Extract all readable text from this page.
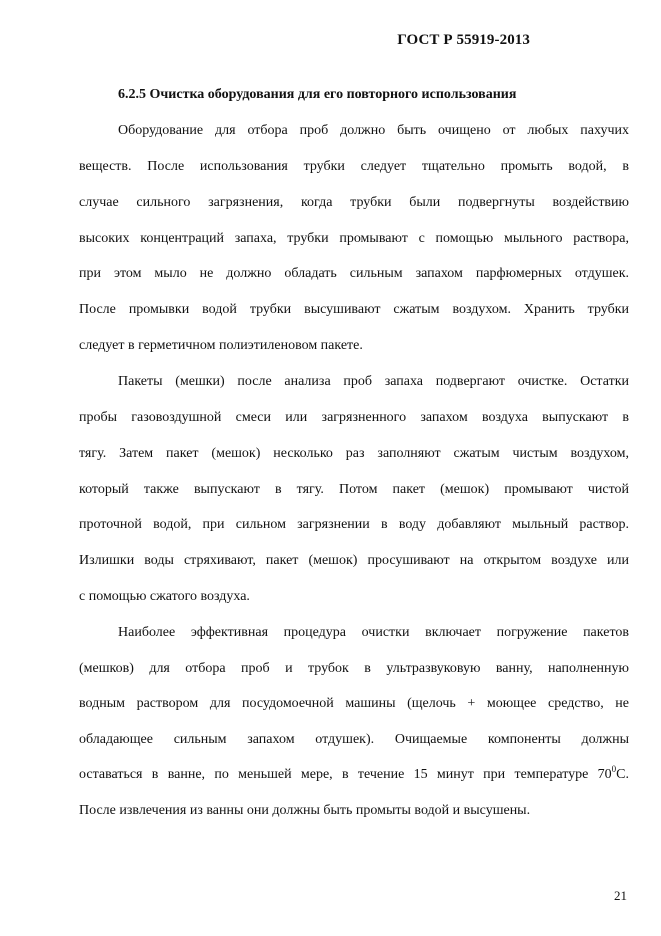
ГОСТ Р 55919-2013
6.2.5 Очистка оборудования для его повторного использования
Оборудование для отбора проб должно быть очищено от любых пахучих
веществ. После использования трубки следует тщательно промыть водой, в
случае сильного загрязнения, когда трубки были подвергнуты воздействию
высоких концентраций запаха, трубки промывают с помощью мыльного раствора,
при этом мыло не должно обладать сильным запахом парфюмерных отдушек.
После промывки водой трубки высушивают сжатым воздухом. Хранить трубки
следует в герметичном полиэтиленовом пакете.
Пакеты (мешки) после анализа проб запаха подвергают очистке. Остатки
пробы газовоздушной смеси или загрязненного запахом воздуха выпускают в
тягу. Затем пакет (мешок) несколько раз заполняют сжатым чистым воздухом,
который также выпускают в тягу. Потом пакет (мешок) промывают чистой
проточной водой, при сильном загрязнении в воду добавляют мыльный раствор.
Излишки воды стряхивают, пакет (мешок) просушивают на открытом воздухе или
с помощью сжатого воздуха.
Наиболее эффективная процедура очистки включает погружение пакетов
(мешков) для отбора проб и трубок в ультразвуковую ванну, наполненную
водным раствором для посудомоечной машины (щелочь + моющее средство, не
обладающее сильным запахом отдушек). Очищаемые компоненты должны
оставаться в ванне, по меньшей мере, в течение 15 минут при температуре $70^0С$.
После извлечения из ванны они должны быть промыты водой и высушены.
21
